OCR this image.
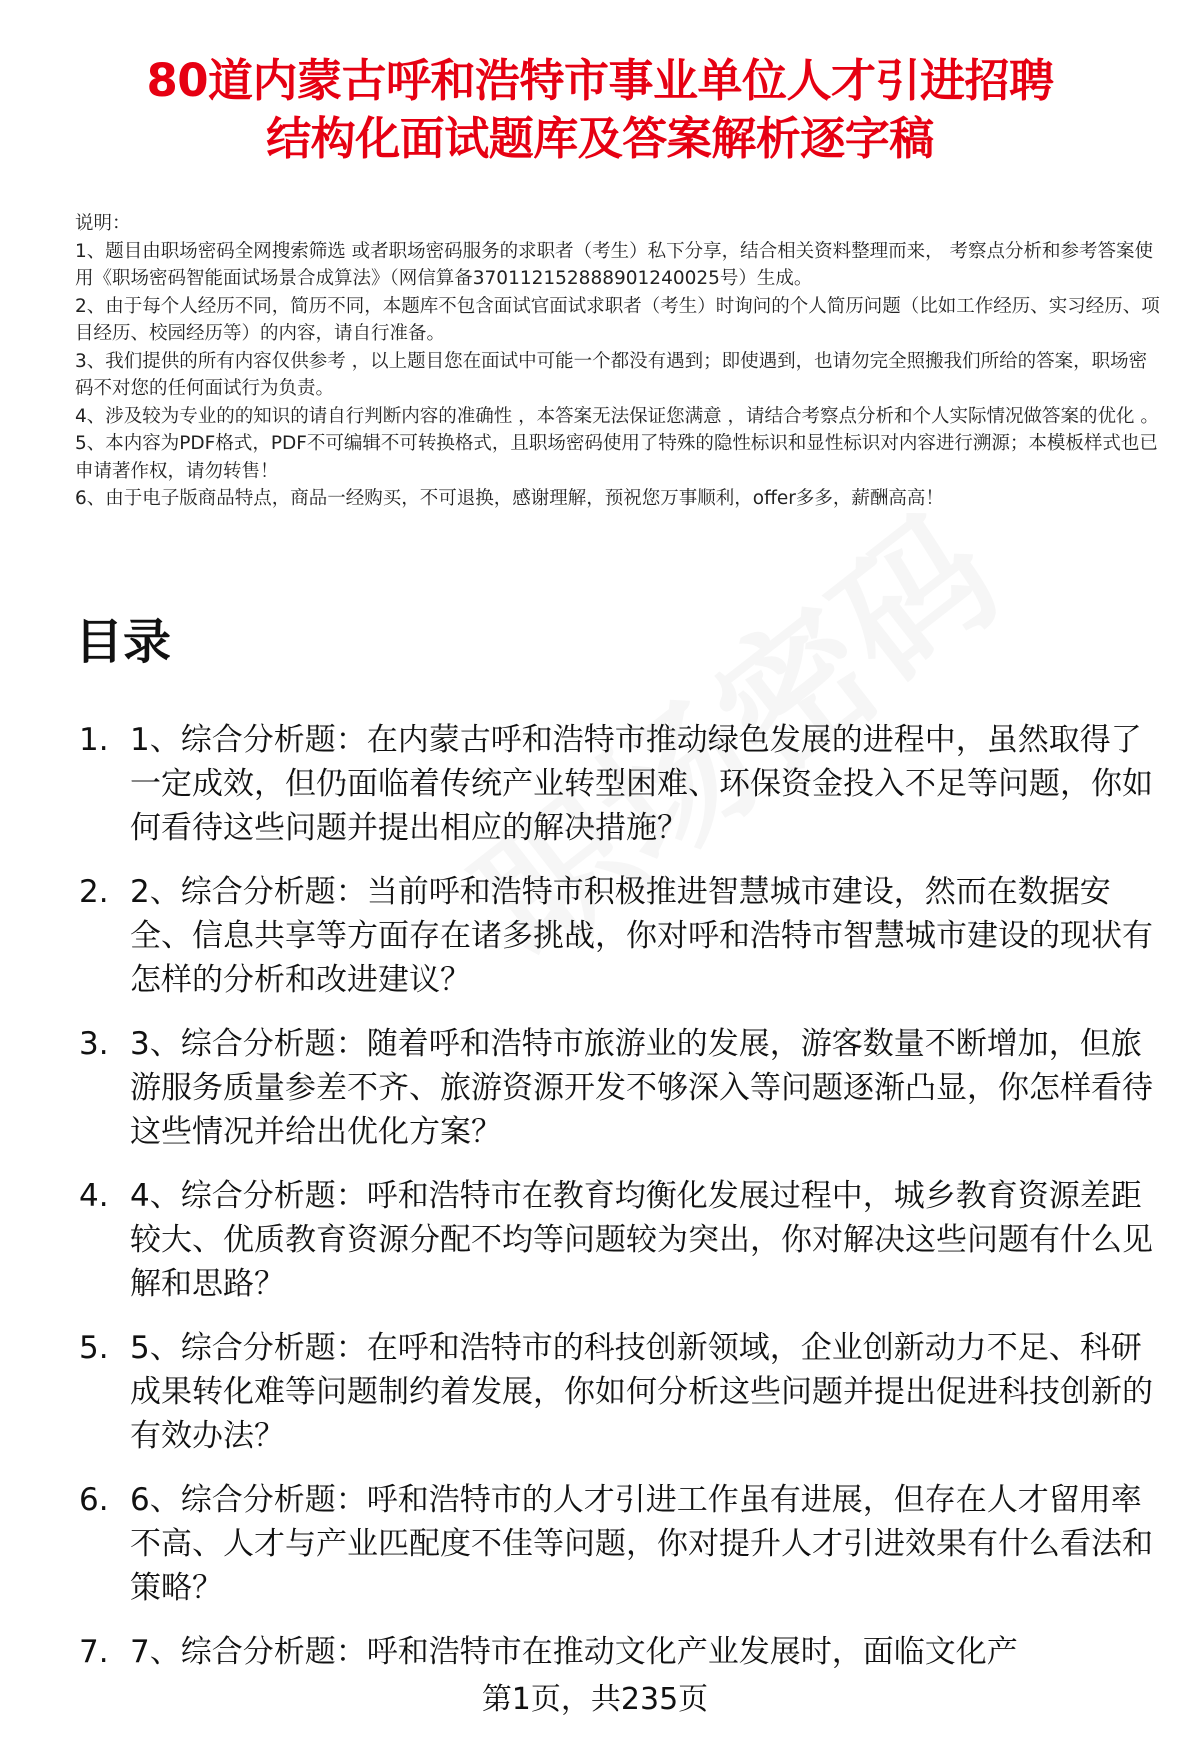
80道内蒙古呼和浩特市事业单位人才引进招聘
结构化面试题库及答案解析逐字稿

说明：

1、题目由职场密码全网搜索筛选 或者职场密码服务的求职者（考生）私下分享，结合相关资料整理而来， 考察点分析和参考答案使用《职场密码智能面试场景合成算法》（网信算备370112152888901240025号）生成。

2、由于每个人经历不同，简历不同，本题库不包含面试官面试求职者（考生）时询问的个人简历问题（比如工作经历、实习经历、项目经历、校园经历等）的内容，请自行准备。

3、我们提供的所有内容仅供参考 ，以上题目您在面试中可能一个都没有遇到；即使遇到，也请勿完全照搬我们所给的答案，职场密码不对您的任何面试行为负责。

4、涉及较为专业的的知识的请自行判断内容的准确性 ，本答案无法保证您满意 ，请结合考察点分析和个人实际情况做答案的优化 。

5、本内容为PDF格式，PDF不可编辑不可转换格式，且职场密码使用了特殊的隐性标识和显性标识对内容进行溯源；本模板样式也已申请著作权，请勿转售！

6、由于电子版商品特点，商品一经购买，不可退换，感谢理解，预祝您万事顺利，offer多多，薪酬高高！

目录
1. 1、综合分析题：在内蒙古呼和浩特市推动绿色发展的进程中，虽然取得了一定成效，但仍面临着传统产业转型困难、环保资金投入不足等问题，你如何看待这些问题并提出相应的解决措施？
2. 2、综合分析题：当前呼和浩特市积极推进智慧城市建设，然而在数据安全、信息共享等方面存在诸多挑战，你对呼和浩特市智慧城市建设的现状有怎样的分析和改进建议？
3. 3、综合分析题：随着呼和浩特市旅游业的发展，游客数量不断增加，但旅游服务质量参差不齐、旅游资源开发不够深入等问题逐渐凸显，你怎样看待这些情况并给出优化方案？
4. 4、综合分析题：呼和浩特市在教育均衡化发展过程中，城乡教育资源差距较大、优质教育资源分配不均等问题较为突出，你对解决这些问题有什么见解和思路？
5. 5、综合分析题：在呼和浩特市的科技创新领域，企业创新动力不足、科研成果转化难等问题制约着发展，你如何分析这些问题并提出促进科技创新的有效办法？
6. 6、综合分析题：呼和浩特市的人才引进工作虽有进展，但存在人才留用率不高、人才与产业匹配度不佳等问题，你对提升人才引进效果有什么看法和策略？
7. 7、综合分析题：呼和浩特市在推动文化产业发展时，面临文化产
第1页，共235页
